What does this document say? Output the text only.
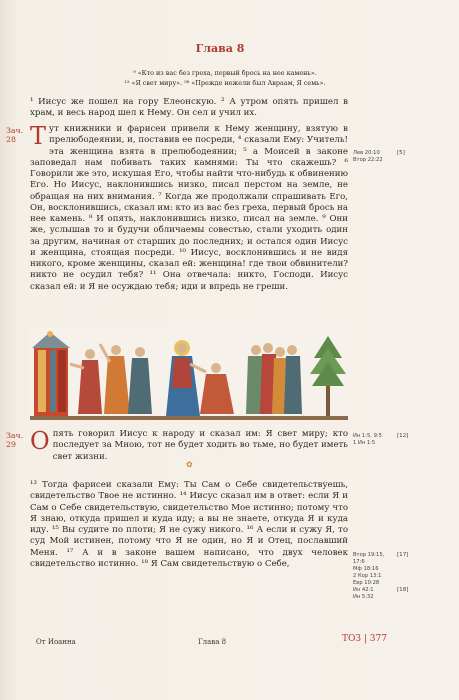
Глава 8
⁹ «Кто из вас без греха, первый брось на нее камень».
¹² «Я свет миру». ⁵⁸ «Прежде нежели был Авраам, Я семь».
¹ Иисус же пошел на гору Елеонскую. ² А утром опять пришел в храм, и весь народ шел к Нему. Он сел и учил их.
Зач.
28 Т ут книжники и фарисеи привели к Нему женщину, взятую в прелюбодеянии, и, поставив ее посреди, ⁴ сказали Ему: Учитель! эта женщина взята в прелюбодеянии; ⁵ а Моисей в законе заповедал нам побивать таких камнями: Ты что скажешь? ⁶ Говорили же это, искушая Его, чтобы найти что-нибудь к обвинению Его. Но Иисус, наклонившись низко, писал перстом на земле, не обращая на них внимания. ⁷ Когда же продолжали спрашивать Его, Он, восклонившись, сказал им: кто из вас без греха, первый брось на нее камень. ⁸ И опять, наклонившись низко, писал на земле. ⁹ Они же, услышав то и будучи обличаемы совестью, стали уходить один за другим, начиная от старших до последних; и остался один Иисус и женщина, стоящая посреди. ¹⁰ Иисус, восклонившись и не видя никого, кроме женщины, сказал ей: женщина! где твои обвинители? никто не осудил тебя? ¹¹ Она отвечала: никто, Господи. Иисус сказал ей: и Я не осуждаю тебя; иди и впредь не греши.
Лев 20:10
Втор 22:22
[5]
Зач.
29 О пять говорил Иисус к народу и сказал им: Я свет миру; кто последует за Мною, тот не будет ходить во тьме, но будет иметь свет жизни.
Ин 1:5, 9:5
1 Ин 1:5
[12]
✿
¹³ Тогда фарисеи сказали Ему: Ты Сам о Себе свидетельствуешь, свидетельство Твое не истинно. ¹⁴ Иисус сказал им в ответ: если Я и Сам о Себе свидетельствую, свидетельство Мое истинно; потому что Я знаю, откуда пришел и куда иду; а вы не знаете, откуда Я и куда иду. ¹⁵ Вы судите по плоти; Я не сужу никого. ¹⁶ А если и сужу Я, то суд Мой истинен, потому что Я не один, но Я и Отец, пославший Меня. ¹⁷ А и в законе вашем написано, что двух человек свидетельство истинно. ¹⁸ Я Сам свидетельствую о Себе,
Втор 19:15,
17:6
Мф 18:16
2 Кор 13:1
Евр 10:28
Ин 42:1
Ин 5:32
[17]

[18]
От Иоанна	Глава 8	ТОЗ | 377
